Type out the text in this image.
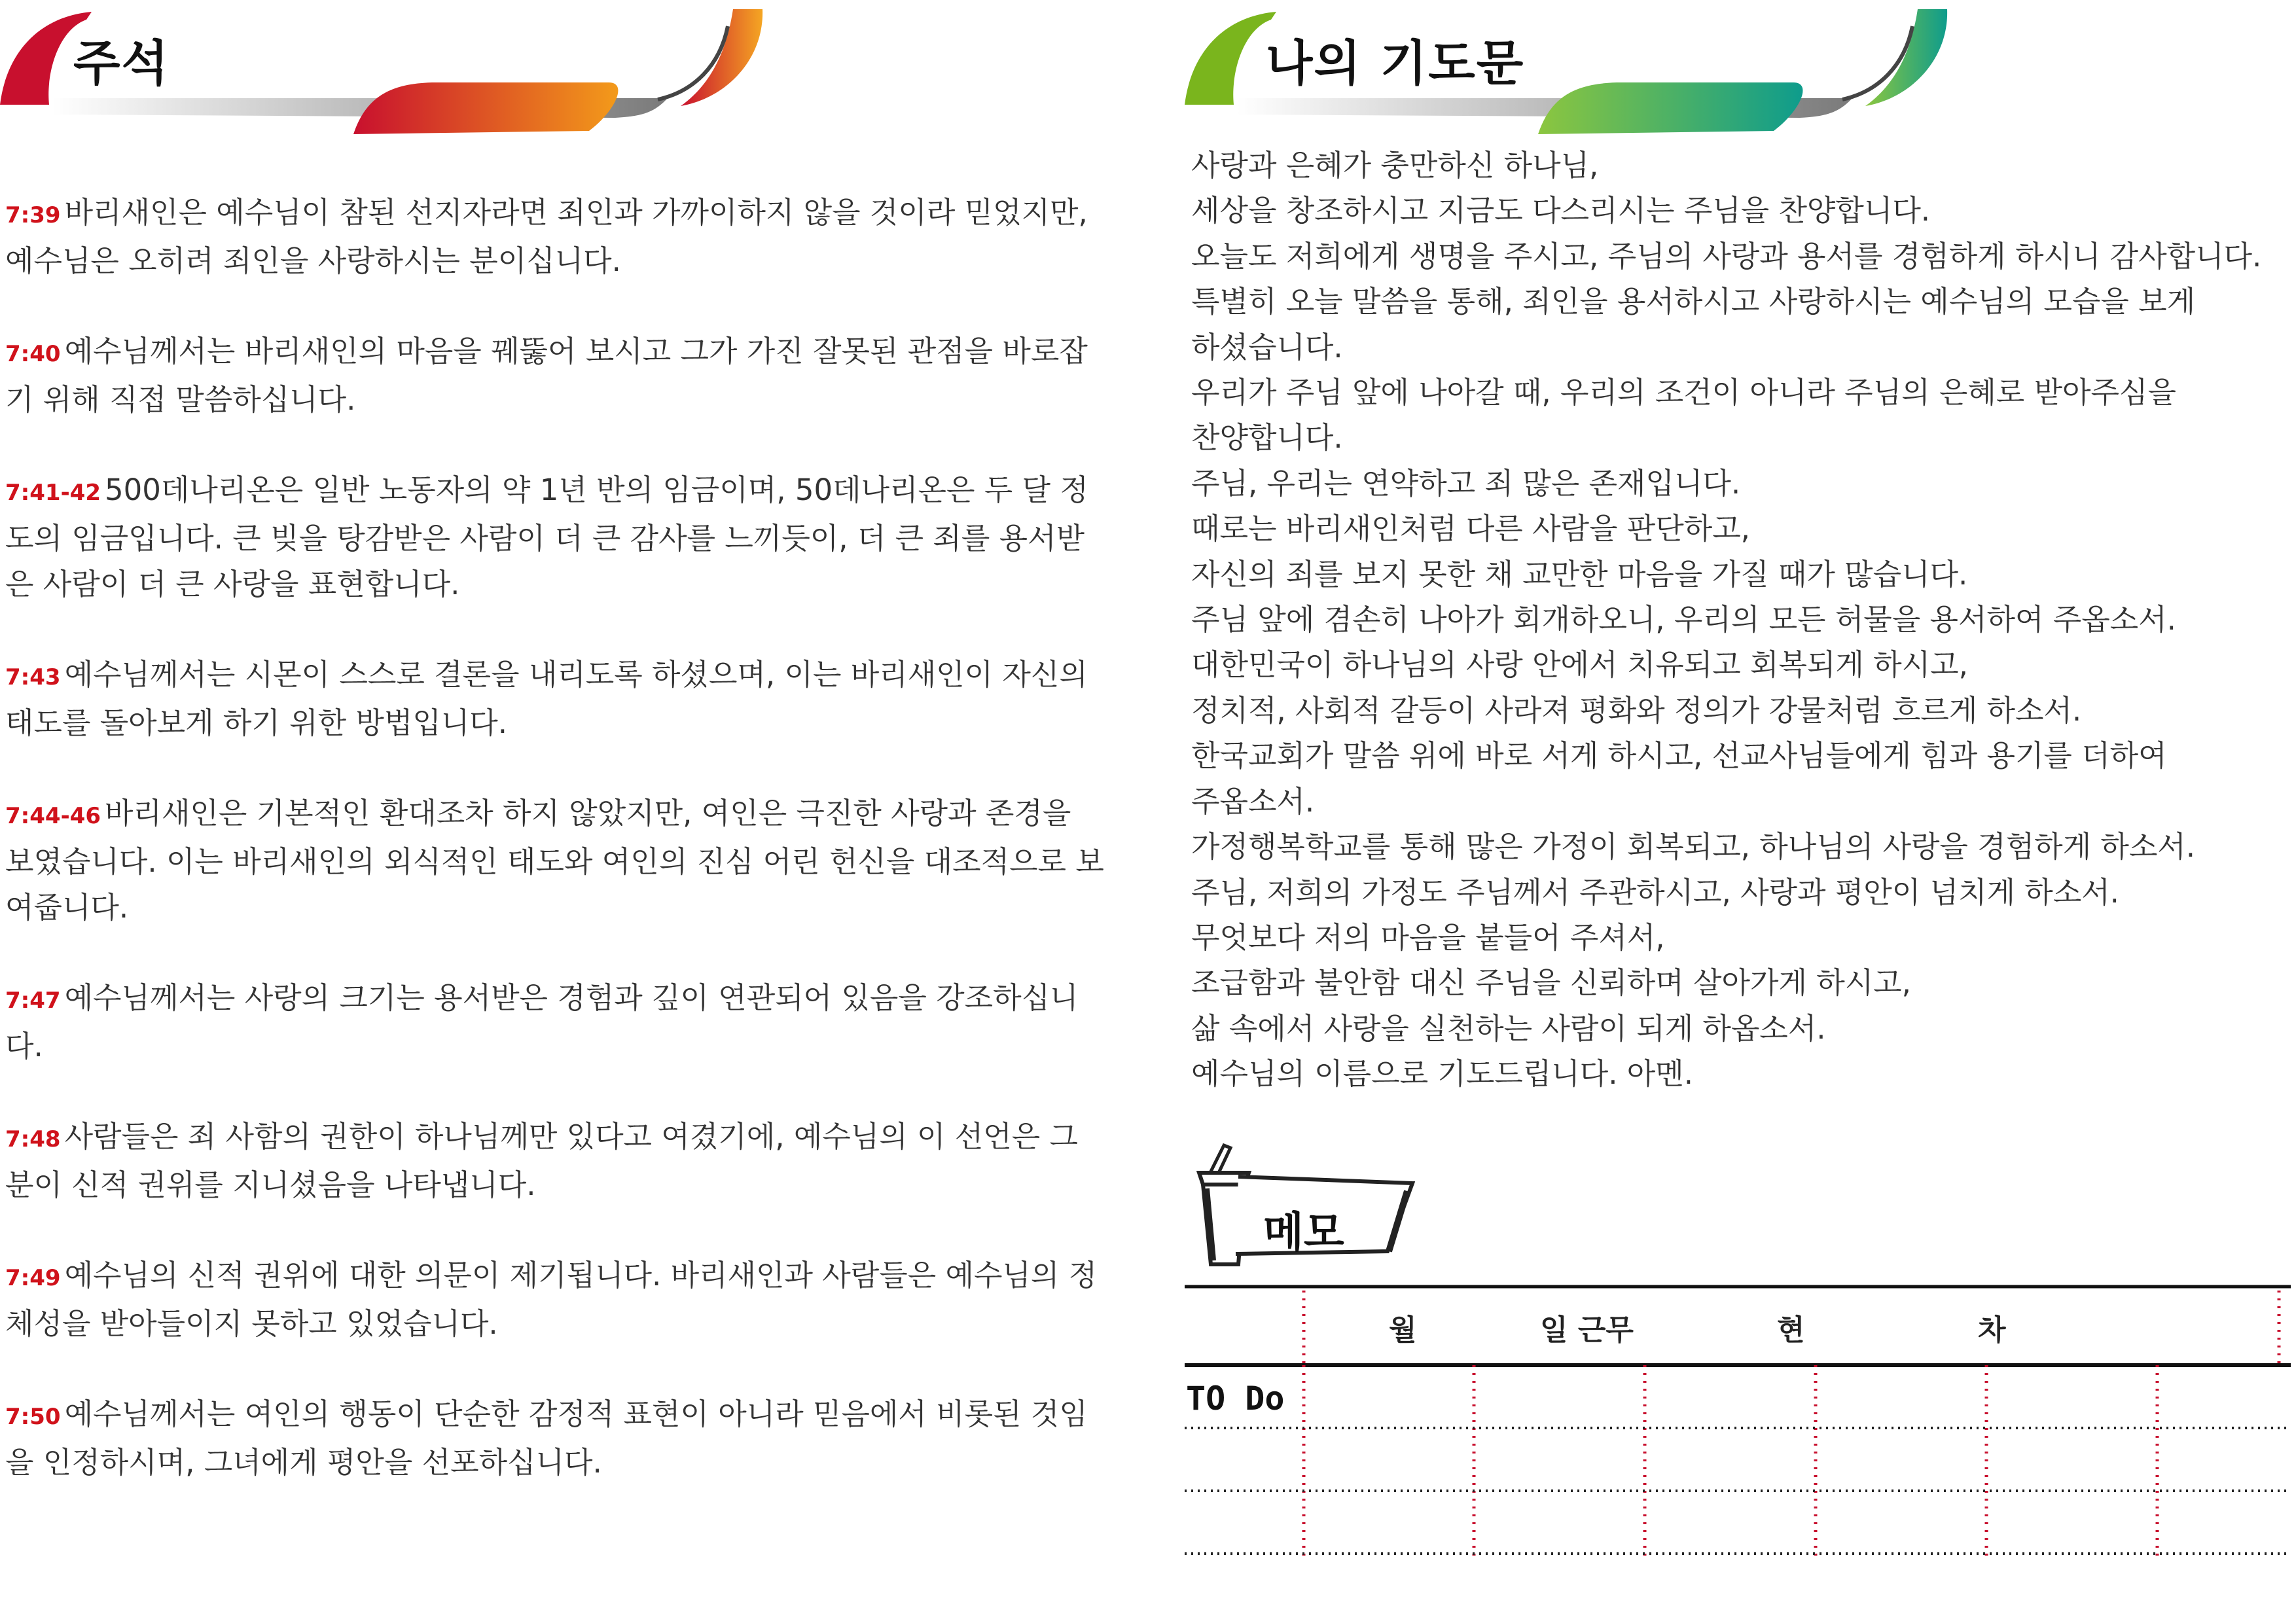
주석

7:39 바리새인은 예수님이 참된 선지자라면 죄인과 가까이하지 않을 것이라 믿었지만, 예수님은 오히려 죄인을 사랑하시는 분이십니다.

7:40 예수님께서는 바리새인의 마음을 꿰뚫어 보시고 그가 가진 잘못된 관점을 바로잡기 위해 직접 말씀하십니다.

7:41-42 500데나리온은 일반 노동자의 약 1년 반의 임금이며, 50데나리온은 두 달 정도의 임금입니다. 큰 빚을 탕감받은 사람이 더 큰 감사를 느끼듯이, 더 큰 죄를 용서받은 사람이 더 큰 사랑을 표현합니다.

7:43 예수님께서는 시몬이 스스로 결론을 내리도록 하셨으며, 이는 바리새인이 자신의 태도를 돌아보게 하기 위한 방법입니다.

7:44-46 바리새인은 기본적인 환대조차 하지 않았지만, 여인은 극진한 사랑과 존경을 보였습니다. 이는 바리새인의 외식적인 태도와 여인의 진심 어린 헌신을 대조적으로 보여줍니다.

7:47 예수님께서는 사랑의 크기는 용서받은 경험과 깊이 연관되어 있음을 강조하십니다.

7:48 사람들은 죄 사함의 권한이 하나님께만 있다고 여겼기에, 예수님의 이 선언은 그분이 신적 권위를 지니셨음을 나타냅니다.

7:49 예수님의 신적 권위에 대한 의문이 제기됩니다. 바리새인과 사람들은 예수님의 정체성을 받아들이지 못하고 있었습니다.

7:50 예수님께서는 여인의 행동이 단순한 감정적 표현이 아니라 믿음에서 비롯된 것임을 인정하시며, 그녀에게 평안을 선포하십니다.

나의 기도문
사랑과 은혜가 충만하신 하나님,
세상을 창조하시고 지금도 다스리시는 주님을 찬양합니다.
오늘도 저희에게 생명을 주시고, 주님의 사랑과 용서를 경험하게 하시니 감사합니다.
특별히 오늘 말씀을 통해, 죄인을 용서하시고 사랑하시는 예수님의 모습을 보게
하셨습니다.
우리가 주님 앞에 나아갈 때, 우리의 조건이 아니라 주님의 은혜로 받아주심을
찬양합니다.
주님, 우리는 연약하고 죄 많은 존재입니다.
때로는 바리새인처럼 다른 사람을 판단하고,
자신의 죄를 보지 못한 채 교만한 마음을 가질 때가 많습니다.
주님 앞에 겸손히 나아가 회개하오니, 우리의 모든 허물을 용서하여 주옵소서.
대한민국이 하나님의 사랑 안에서 치유되고 회복되게 하시고,
정치적, 사회적 갈등이 사라져 평화와 정의가 강물처럼 흐르게 하소서.
한국교회가 말씀 위에 바로 서게 하시고, 선교사님들에게 힘과 용기를 더하여
주옵소서.
가정행복학교를 통해 많은 가정이 회복되고, 하나님의 사랑을 경험하게 하소서.
주님, 저희의 가정도 주님께서 주관하시고, 사랑과 평안이 넘치게 하소서.
무엇보다 저의 마음을 붙들어 주셔서,
조급함과 불안함 대신 주님을 신뢰하며 살아가게 하시고,
삶 속에서 사랑을 실천하는 사람이 되게 하옵소서.
예수님의 이름으로 기도드립니다. 아멘.
메모
월	일 근무	현	차
TO Do
